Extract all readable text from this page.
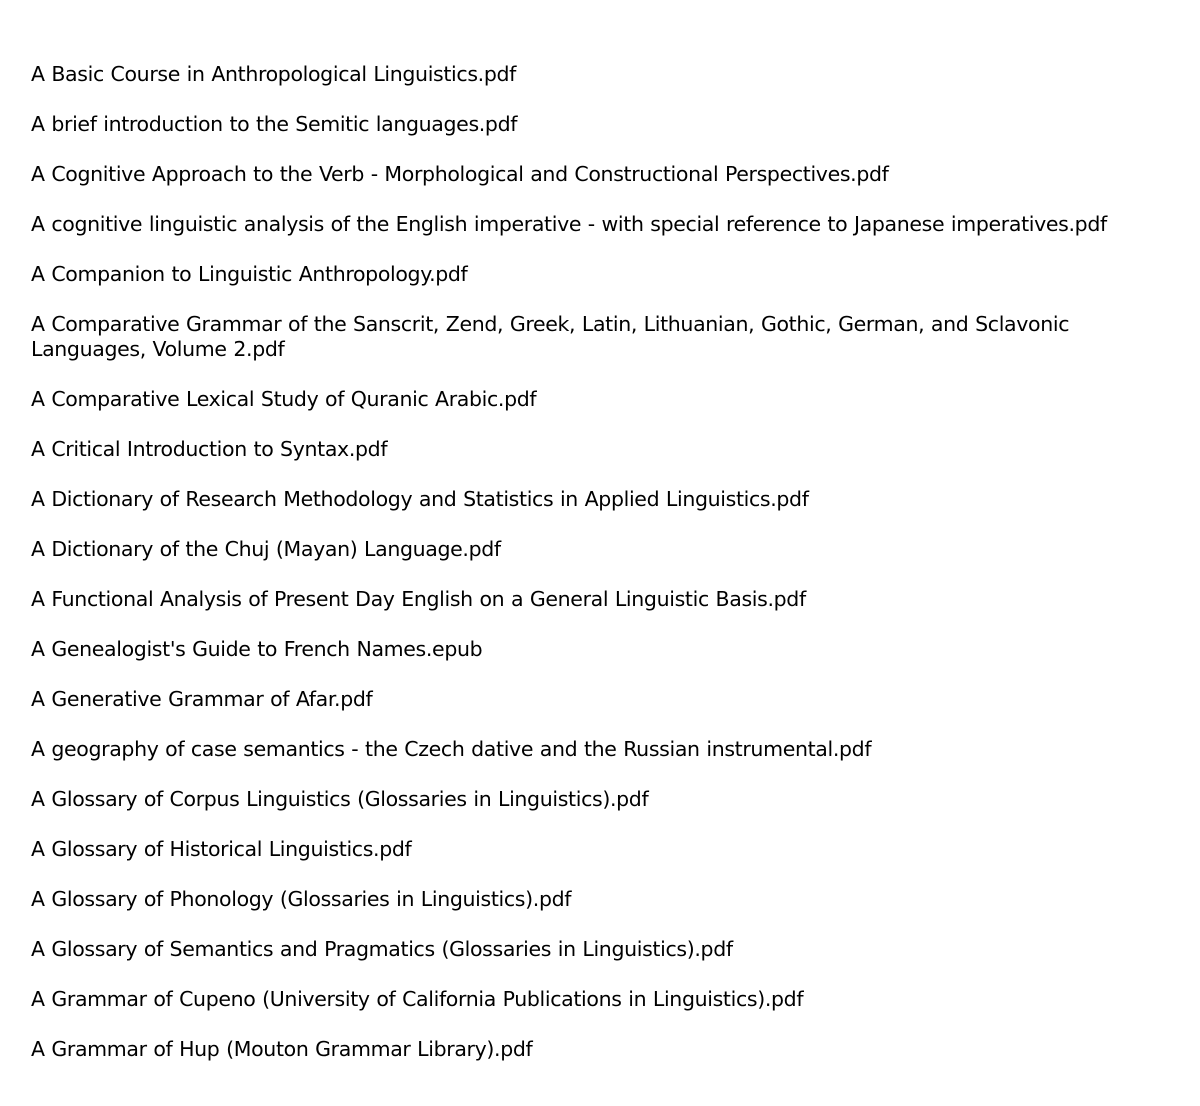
A Basic Course in Anthropological Linguistics.pdf
A brief introduction to the Semitic languages.pdf
A Cognitive Approach to the Verb - Morphological and Constructional Perspectives.pdf
A cognitive linguistic analysis of the English imperative - with special reference to Japanese imperatives.pdf
A Companion to Linguistic Anthropology.pdf
A Comparative Grammar of the Sanscrit, Zend, Greek, Latin, Lithuanian, Gothic, German, and Sclavonic Languages, Volume 2.pdf
A Comparative Lexical Study of Quranic Arabic.pdf
A Critical Introduction to Syntax.pdf
A Dictionary of Research Methodology and Statistics in Applied Linguistics.pdf
A Dictionary of the Chuj (Mayan) Language.pdf
A Functional Analysis of Present Day English on a General Linguistic Basis.pdf
A Genealogist's Guide to French Names.epub
A Generative Grammar of Afar.pdf
A geography of case semantics - the Czech dative and the Russian instrumental.pdf
A Glossary of Corpus Linguistics (Glossaries in Linguistics).pdf
A Glossary of Historical Linguistics.pdf
A Glossary of Phonology (Glossaries in Linguistics).pdf
A Glossary of Semantics and Pragmatics (Glossaries in Linguistics).pdf
A Grammar of Cupeno (University of California Publications in Linguistics).pdf
A Grammar of Hup (Mouton Grammar Library).pdf
